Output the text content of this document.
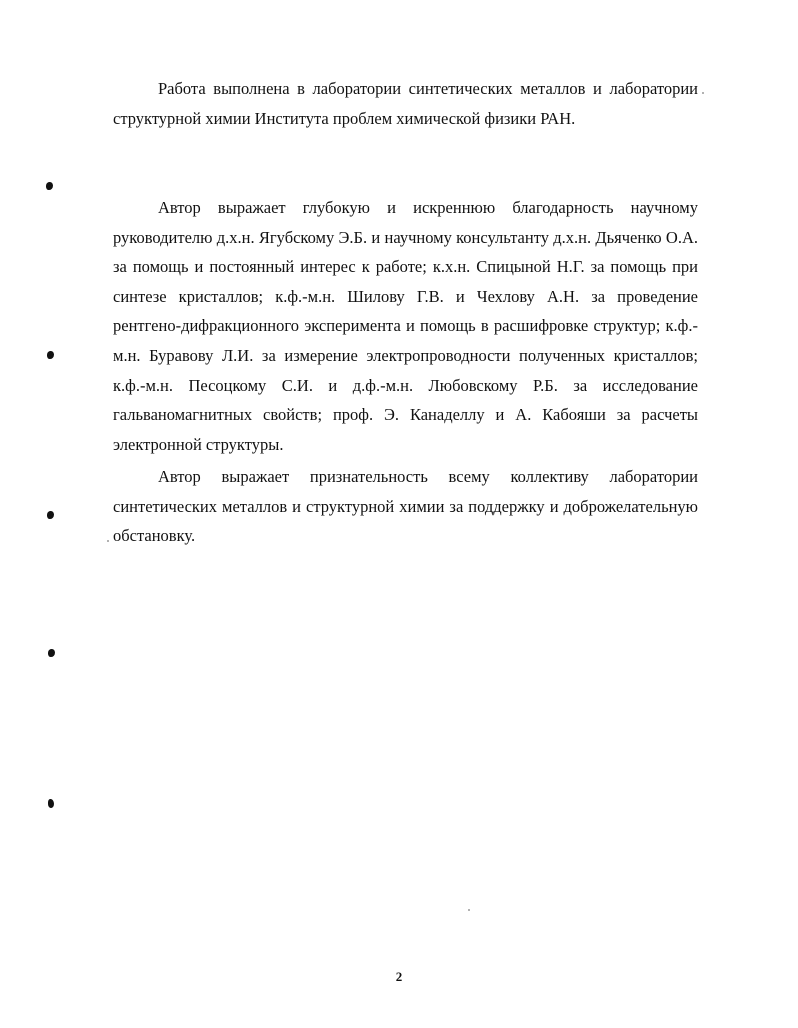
Работа выполнена в лаборатории синтетических металлов и лаборатории структурной химии Института проблем химической физики РАН.

Автор выражает глубокую и искреннюю благодарность научному руководителю д.х.н. Ягубскому Э.Б. и научному консультанту д.х.н. Дьяченко О.А. за помощь и постоянный интерес к работе; к.х.н. Спицыной Н.Г. за помощь при синтезе кристаллов; к.ф.-м.н. Шилову Г.В. и Чехлову А.Н. за проведение рентгено-дифракционного эксперимента и помощь в расшифровке структур; к.ф.-м.н. Буравову Л.И. за измерение электропроводности полученных кристаллов; к.ф.-м.н. Песоцкому С.И. и д.ф.-м.н. Любовскому Р.Б. за исследование гальваномагнитных свойств; проф. Э. Канаделлу и А. Кабояши за расчеты электронной структуры.

Автор выражает признательность всему коллективу лаборатории синтетических металлов и структурной химии за поддержку и доброжелательную обстановку.

2
